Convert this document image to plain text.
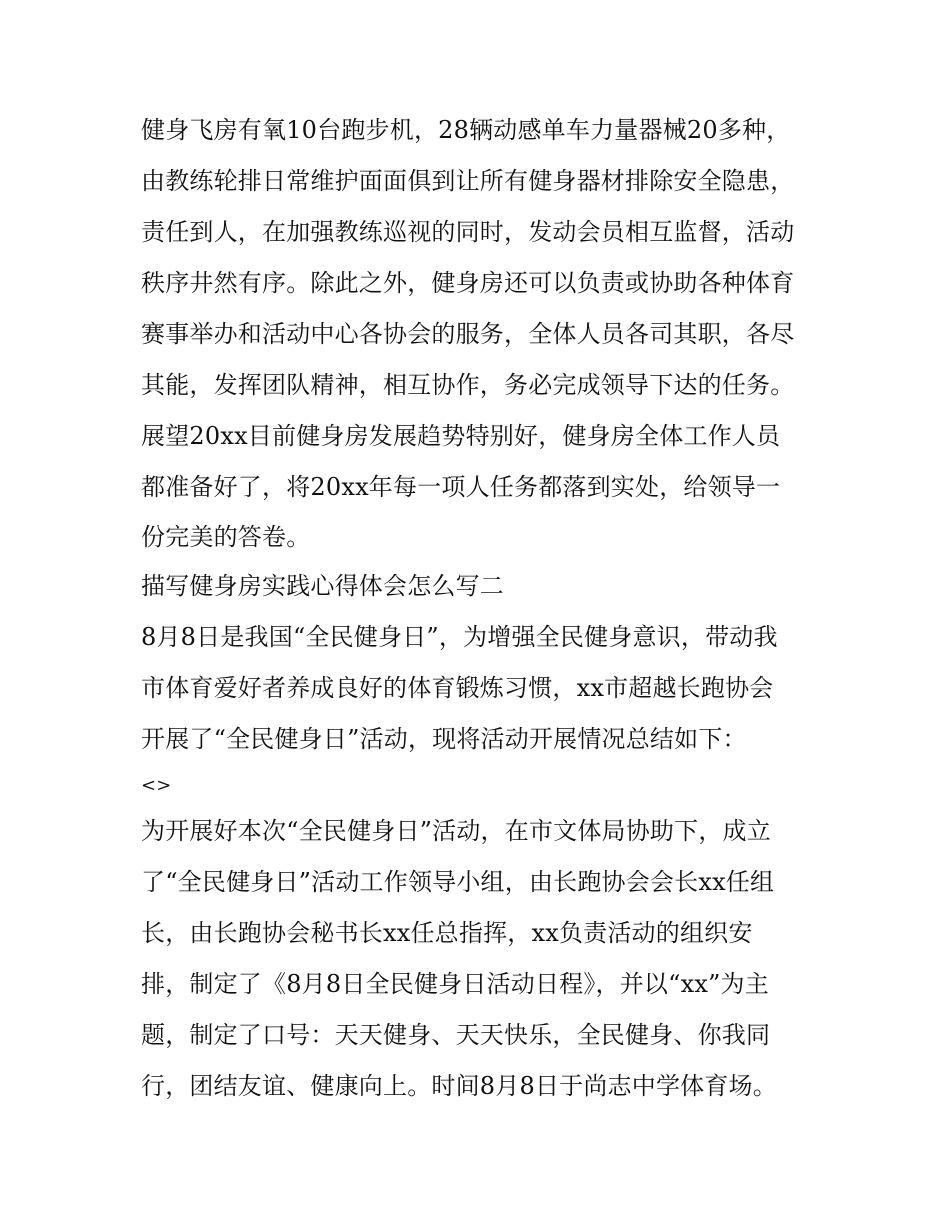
健身飞房有氧10台跑步机，28辆动感单车力量器械20多种，
由教练轮排日常维护面面俱到让所有健身器材排除安全隐患，
责任到人，在加强教练巡视的同时，发动会员相互监督，活动
秩序井然有序。除此之外，健身房还可以负责或协助各种体育
赛事举办和活动中心各协会的服务，全体人员各司其职，各尽
其能，发挥团队精神，相互协作，务必完成领导下达的任务。
展望20xx目前健身房发展趋势特别好，健身房全体工作人员
都准备好了，将20xx年每一项人任务都落到实处，给领导一
份完美的答卷。
描写健身房实践心得体会怎么写二
8月8日是我国“全民健身日”，为增强全民健身意识，带动我
市体育爱好者养成良好的体育锻炼习惯，xx市超越长跑协会
开展了“全民健身日”活动，现将活动开展情况总结如下：
<>
为开展好本次“全民健身日”活动，在市文体局协助下，成立
了“全民健身日”活动工作领导小组，由长跑协会会长xx任组
长，由长跑协会秘书长xx任总指挥，xx负责活动的组织安
排，制定了《8月8日全民健身日活动日程》，并以“xx”为主
题，制定了口号：天天健身、天天快乐，全民健身、你我同
行，团结友谊、健康向上。时间8月8日于尚志中学体育场。
